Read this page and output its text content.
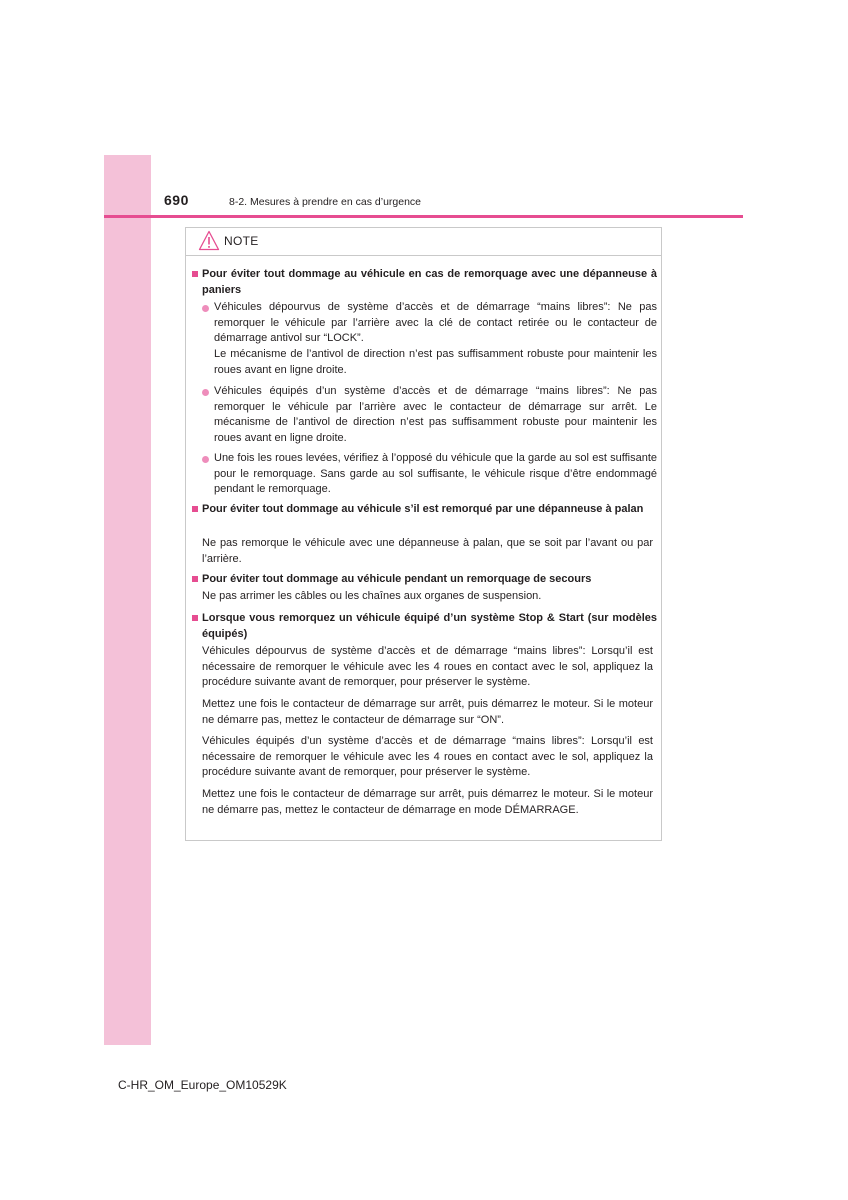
690	8-2. Mesures à prendre en cas d’urgence
NOTE
Pour éviter tout dommage au véhicule en cas de remorquage avec une dépanneuse à paniers
Véhicules dépourvus de système d’accès et de démarrage “mains libres”: Ne pas remorquer le véhicule par l’arrière avec la clé de contact retirée ou le contacteur de démarrage antivol sur “LOCK”.
Le mécanisme de l’antivol de direction n’est pas suffisamment robuste pour maintenir les roues avant en ligne droite.
Véhicules équipés d’un système d’accès et de démarrage “mains libres”: Ne pas remorquer le véhicule par l’arrière avec le contacteur de démarrage sur arrêt. Le mécanisme de l’antivol de direction n’est pas suffisamment robuste pour maintenir les roues avant en ligne droite.
Une fois les roues levées, vérifiez à l’opposé du véhicule que la garde au sol est suffisante pour le remorquage. Sans garde au sol suffisante, le véhicule risque d’être endommagé pendant le remorquage.
Pour éviter tout dommage au véhicule s’il est remorqué par une dépanneuse à palan
Ne pas remorque le véhicule avec une dépanneuse à palan, que se soit par l’avant ou par l’arrière.
Pour éviter tout dommage au véhicule pendant un remorquage de secours
Ne pas arrimer les câbles ou les chaînes aux organes de suspension.
Lorsque vous remorquez un véhicule équipé d’un système Stop & Start (sur modèles équipés)
Véhicules dépourvus de système d’accès et de démarrage “mains libres”: Lorsqu’il est nécessaire de remorquer le véhicule avec les 4 roues en contact avec le sol, appliquez la procédure suivante avant de remorquer, pour préserver le système.
Mettez une fois le contacteur de démarrage sur arrêt, puis démarrez le moteur. Si le moteur ne démarre pas, mettez le contacteur de démarrage sur “ON”.
Véhicules équipés d’un système d’accès et de démarrage “mains libres”: Lorsqu’il est nécessaire de remorquer le véhicule avec les 4 roues en contact avec le sol, appliquez la procédure suivante avant de remorquer, pour préserver le système.
Mettez une fois le contacteur de démarrage sur arrêt, puis démarrez le moteur. Si le moteur ne démarre pas, mettez le contacteur de démarrage en mode DÉMARRAGE.
C-HR_OM_Europe_OM10529K
